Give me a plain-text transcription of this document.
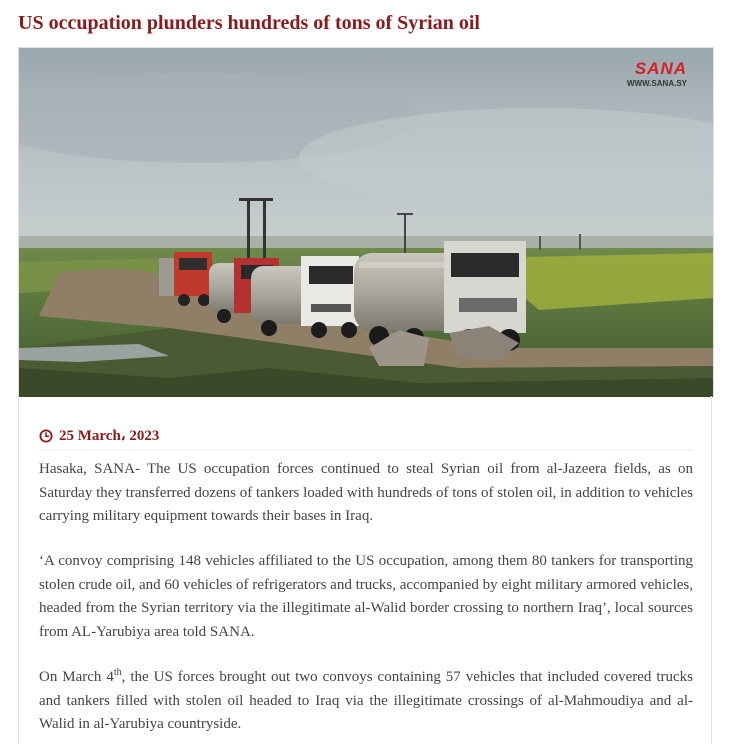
US occupation plunders hundreds of tons of Syrian oil
SANA
WWW.SANA.SY
25 March، 2023

Hasaka, SANA- The US occupation forces continued to steal Syrian oil from al-Jazeera fields, as on Saturday they transferred dozens of tankers loaded with hundreds of tons of stolen oil, in addition to vehicles carrying military equipment towards their bases in Iraq.

‘A convoy comprising 148 vehicles affiliated to the US occupation, among them 80 tankers for transporting stolen crude oil, and 60 vehicles of refrigerators and trucks, accompanied by eight military armored vehicles, headed from the Syrian territory via the illegitimate al-Walid border crossing to northern Iraq’, local sources from AL-Yarubiya area told SANA.

On March 4th, the US forces brought out two convoys containing 57 vehicles that included covered trucks and tankers filled with stolen oil headed to Iraq via the illegitimate crossings of al-Mahmoudiya and al-Walid in al-Yarubiya countryside.
